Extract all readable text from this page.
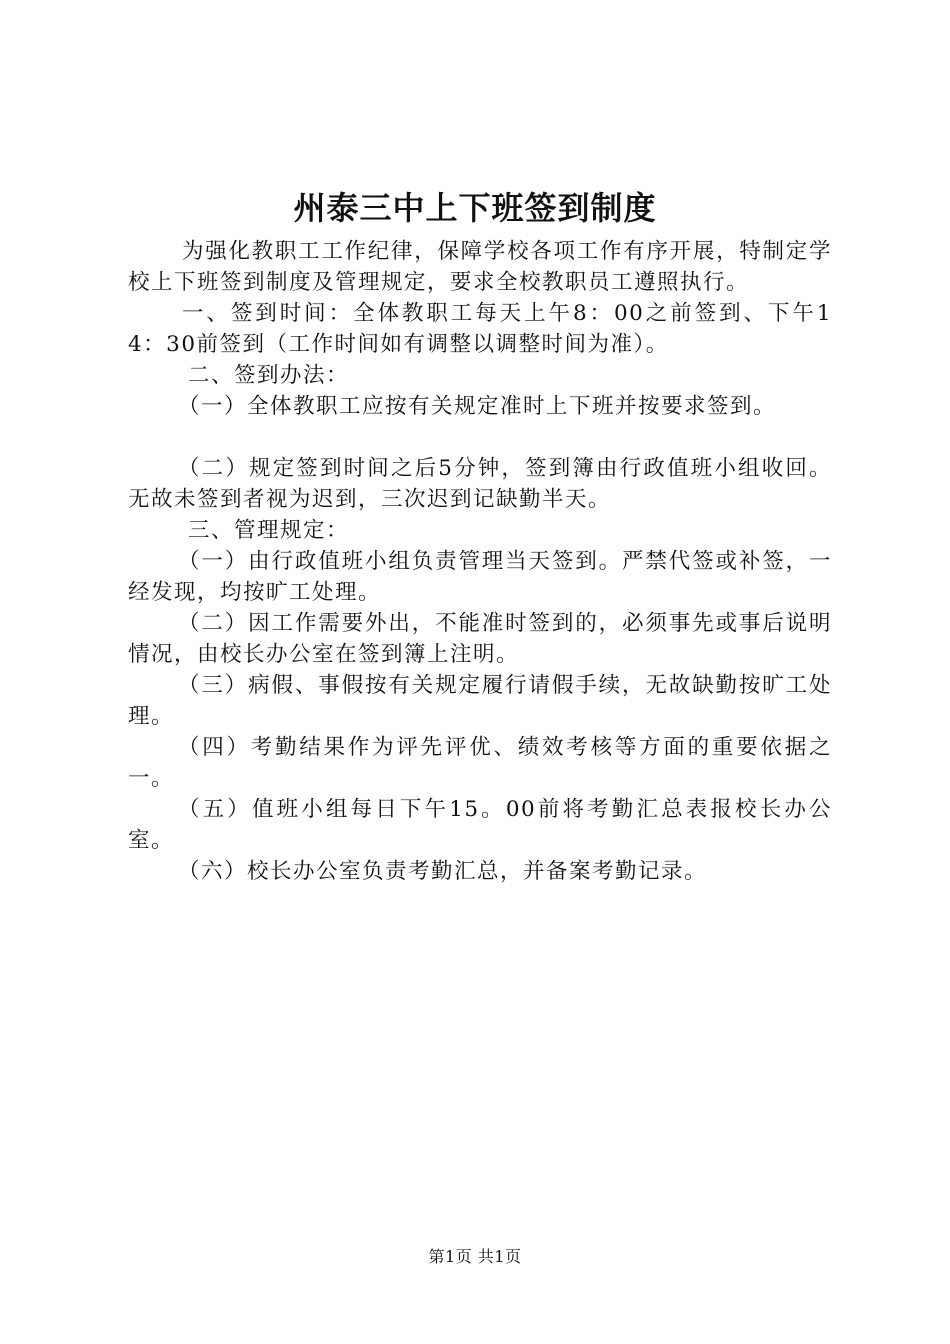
州泰三中上下班签到制度

为强化教职工工作纪律，保障学校各项工作有序开展，特制定学校上下班签到制度及管理规定，要求全校教职员工遵照执行。

一、签到时间：全体教职工每天上午8：00之前签到、下午14：30前签到（工作时间如有调整以调整时间为准）。

二、签到办法：

（一）全体教职工应按有关规定准时上下班并按要求签到。

（二）规定签到时间之后5分钟，签到簿由行政值班小组收回。无故未签到者视为迟到，三次迟到记缺勤半天。

三、管理规定：

（一）由行政值班小组负责管理当天签到。严禁代签或补签，一经发现，均按旷工处理。

（二）因工作需要外出，不能准时签到的，必须事先或事后说明情况，由校长办公室在签到簿上注明。

（三）病假、事假按有关规定履行请假手续，无故缺勤按旷工处理。

（四）考勤结果作为评先评优、绩效考核等方面的重要依据之一。

（五）值班小组每日下午15。00前将考勤汇总表报校长办公室。

（六）校长办公室负责考勤汇总，并备案考勤记录。

第1页 共1页
